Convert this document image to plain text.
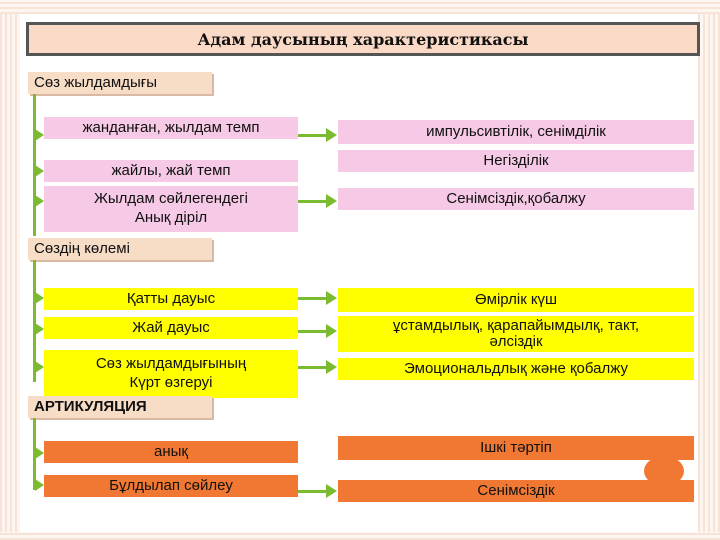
Адам даусының характеристикасы
Сөз жылдамдығы
жанданған, жылдам темп
жайлы, жай темп
Жылдам сөйлегендегі
Анық діріл
импульсивтілік, сенімділік
Негізділік
Сенімсіздік,қобалжу
Сөздің көлемі
Қатты дауыс
Жай дауыс
Сөз жылдамдығының
Күрт өзгеруі
Өмірлік күш
ұстамдылық, қарапайымдылқ, такт,
әлсіздік
Эмоциональдлық және қобалжу
АРТИКУЛЯЦИЯ
анық
Бұлдылап сөйлеу
Ішкі тәртіп
Сенімсіздік
